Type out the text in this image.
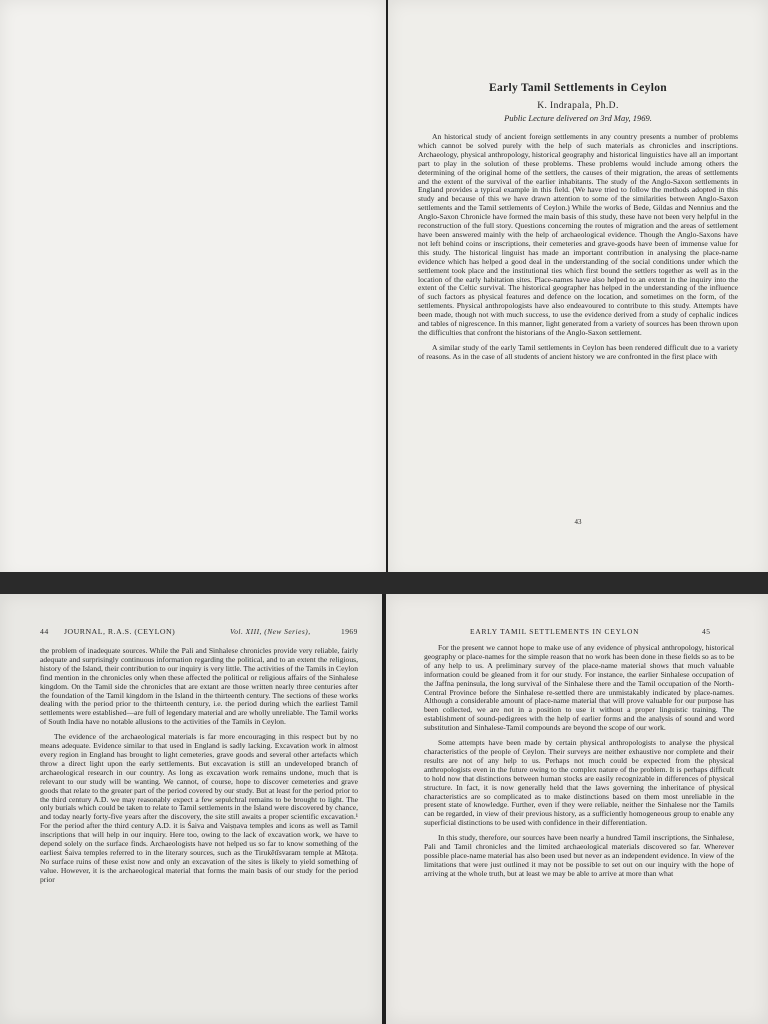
Early Tamil Settlements in Ceylon
K. Indrapala, Ph.D.
Public Lecture delivered on 3rd May, 1969.

An historical study of ancient foreign settlements in any country presents a number of problems which cannot be solved purely with the help of such materials as chronicles and inscriptions. Archaeology, physical anthropology, historical geography and historical linguistics have all an important part to play in the solution of these problems. These problems would include among others the determining of the original home of the settlers, the causes of their migration, the areas of settlements and the extent of the survival of the earlier inhabitants. The study of the Anglo-Saxon settlements in England provides a typical example in this field. (We have tried to follow the methods adopted in this study and because of this we have drawn attention to some of the similarities between Anglo-Saxon settlements and the Tamil settlements of Ceylon.) While the works of Bede, Gildas and Nennius and the Anglo-Saxon Chronicle have formed the main basis of this study, these have not been very helpful in the reconstruction of the full story. Questions concerning the routes of migration and the areas of settlement have been answered mainly with the help of archaeological evidence. Though the Anglo-Saxons have not left behind coins or inscriptions, their cemeteries and grave-goods have been of immense value for this study. The historical linguist has made an important contribution in analysing the place-name evidence which has helped a good deal in the understanding of the social conditions under which the settlement took place and the institutional ties which first bound the settlers together as well as in the location of the early habitation sites. Place-names have also helped to an extent in the inquiry into the extent of the Celtic survival. The historical geographer has helped in the understanding of the influence of such factors as physical features and defence on the location, and sometimes on the form, of the settlements. Physical anthropologists have also endeavoured to contribute to this study. Attempts have been made, though not with much success, to use the evidence derived from a study of cephalic indices and tables of nigrescence. In this manner, light generated from a variety of sources has been thrown upon the difficulties that confront the historians of the Anglo-Saxon settlement.

A similar study of the early Tamil settlements in Ceylon has been rendered difficult due to a variety of reasons. As in the case of all students of ancient history we are confronted in the first place with

43
44 JOURNAL, R.A.S. (CEYLON)	Vol. XIII, (New Series),	1969

the problem of inadequate sources. While the Pali and Sinhalese chronicles provide very reliable, fairly adequate and surprisingly continuous information regarding the political, and to an extent the religious, history of the Island, their contribution to our inquiry is very little. The activities of the Tamils in Ceylon find mention in the chronicles only when these affected the political or religious affairs of the Sinhalese kingdom. On the Tamil side the chronicles that are extant are those written nearly three centuries after the foundation of the Tamil kingdom in the Island in the thirteenth century. The sections of these works dealing with the period prior to the thirteenth century, i.e. the period during which the earliest Tamil settlements were established—are full of legendary material and are wholly unreliable. The Tamil works of South India have no notable allusions to the activities of the Tamils in Ceylon.

The evidence of the archaeological materials is far more encouraging in this respect but by no means adequate. Evidence similar to that used in England is sadly lacking. Excavation work in almost every region in England has brought to light cemeteries, grave goods and several other artefacts which throw a direct light upon the early settlements. But excavation is still an undeveloped branch of archaeological research in our country. As long as excavation work remains undone, much that is relevant to our study will be wanting. We cannot, of course, hope to discover cemeteries and grave goods that relate to the greater part of the period covered by our study. But at least for the period prior to the third century A.D. we may reasonably expect a few sepulchral remains to be brought to light. The only burials which could be taken to relate to Tamil settlements in the Island were discovered by chance, and today nearly forty-five years after the discovery, the site still awaits a proper scientific excavation.¹ For the period after the third century A.D. it is Śaiva and Vaiṣṇava temples and icons as well as Tamil inscriptions that will help in our inquiry. Here too, owing to the lack of excavation work, we have to depend solely on the surface finds. Archaeologists have not helped us so far to know something of the earliest Śaiva temples referred to in the literary sources, such as the Tirukētīsvaram temple at Mātoṭa. No surface ruins of these exist now and only an excavation of the sites is likely to yield something of value. However, it is the archaeological material that forms the main basis of our study for the period prior

EARLY TAMIL SETTLEMENTS IN CEYLON	45

For the present we cannot hope to make use of any evidence of physical anthropology, historical geography or place-names for the simple reason that no work has been done in these fields so as to be of any help to us. A preliminary survey of the place-name material shows that much valuable information could be gleaned from it for our study. For instance, the earlier Sinhalese occupation of the Jaffna peninsula, the long survival of the Sinhalese there and the Tamil occupation of the North-Central Province before the Sinhalese re-settled there are unmistakably indicated by place-names. Although a considerable amount of place-name material that will prove valuable for our purpose has been collected, we are not in a position to use it without a proper linguistic training. The establishment of sound-pedigrees with the help of earlier forms and the analysis of sound and word substitution and Sinhalese-Tamil compounds are beyond the scope of our work.

Some attempts have been made by certain physical anthropologists to analyse the physical characteristics of the people of Ceylon. Their surveys are neither exhaustive nor complete and their results are not of any help to us. Perhaps not much could be expected from the physical anthropologists even in the future owing to the complex nature of the problem. It is perhaps difficult to hold now that distinctions between human stocks are easily recognizable in differences of physical structure. In fact, it is now generally held that the laws governing the inheritance of physical characteristics are so complicated as to make distinctions based on them most unreliable in the present state of knowledge. Further, even if they were reliable, neither the Sinhalese nor the Tamils can be regarded, in view of their previous history, as a sufficiently homogeneous group to enable any superficial distinctions to be used with confidence in their differentiation.

In this study, therefore, our sources have been nearly a hundred Tamil inscriptions, the Sinhalese, Pali and Tamil chronicles and the limited archaeological materials discovered so far. Wherever possible place-name material has also been used but never as an independent evidence. In view of the limitations that were just outlined it may not be possible to set out on our inquiry with the hope of arriving at the whole truth, but at least we may be able to arrive at more than what
